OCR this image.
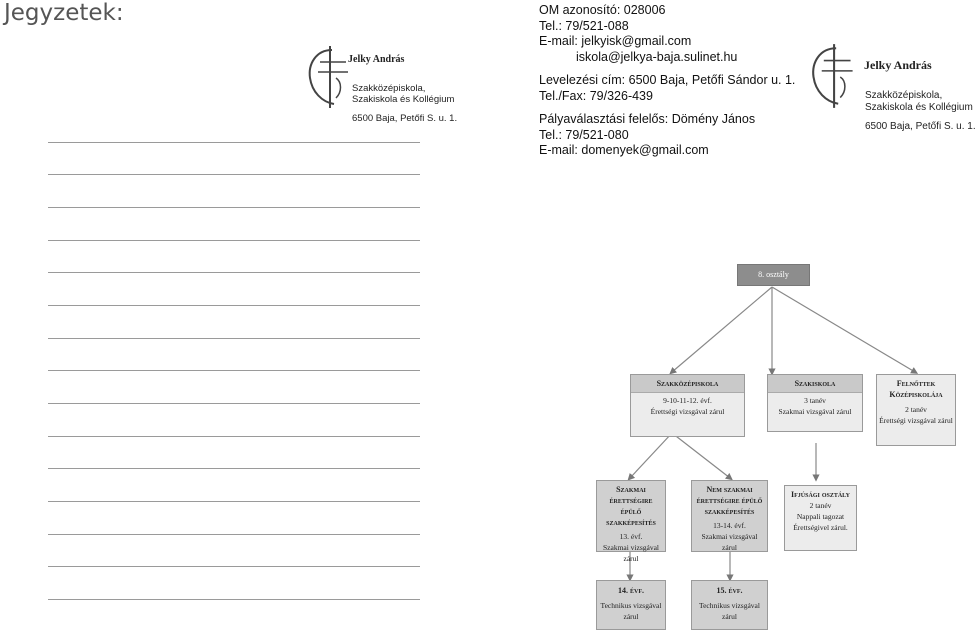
Jegyzetek:
Jelky András
Szakközépiskola,
Szakiskola és Kollégium
6500 Baja, Petőfi S. u. 1.
OM azonosító: 028006
Tel.: 79/521-088
E-mail: jelkyisk@gmail.com
iskola@jelkya-baja.sulinet.hu
Levelezési cím: 6500 Baja, Petőfi Sándor u. 1.
Tel./Fax: 79/326-439
Pályaválasztási felelős: Dömény János
Tel.: 79/521-080
E-mail: domenyek@gmail.com
Jelky András
Szakközépiskola,
Szakiskola és Kollégium
6500 Baja, Petőfi S. u. 1.
8. osztály
Szakközépiskola
9-10-11-12. évf.
Érettségi vizsgával zárul
Szakiskola
3 tanév
Szakmai vizsgával zárul
Felnőttek Középiskolája
2 tanév
Érettségi vizsgával zárul
Szakmai érettségire épülő szakképesítés
13. évf.
Szakmai vizsgával zárul
Nem szakmai érettségire épülő szakképesítés
13-14. évf.
Szakmai vizsgával zárul
Ifjúsági osztály
2 tanév
Nappali tagozat
Érettségivel zárul.
14. évf.
Technikus vizsgával zárul
15. évf.
Technikus vizsgával zárul
